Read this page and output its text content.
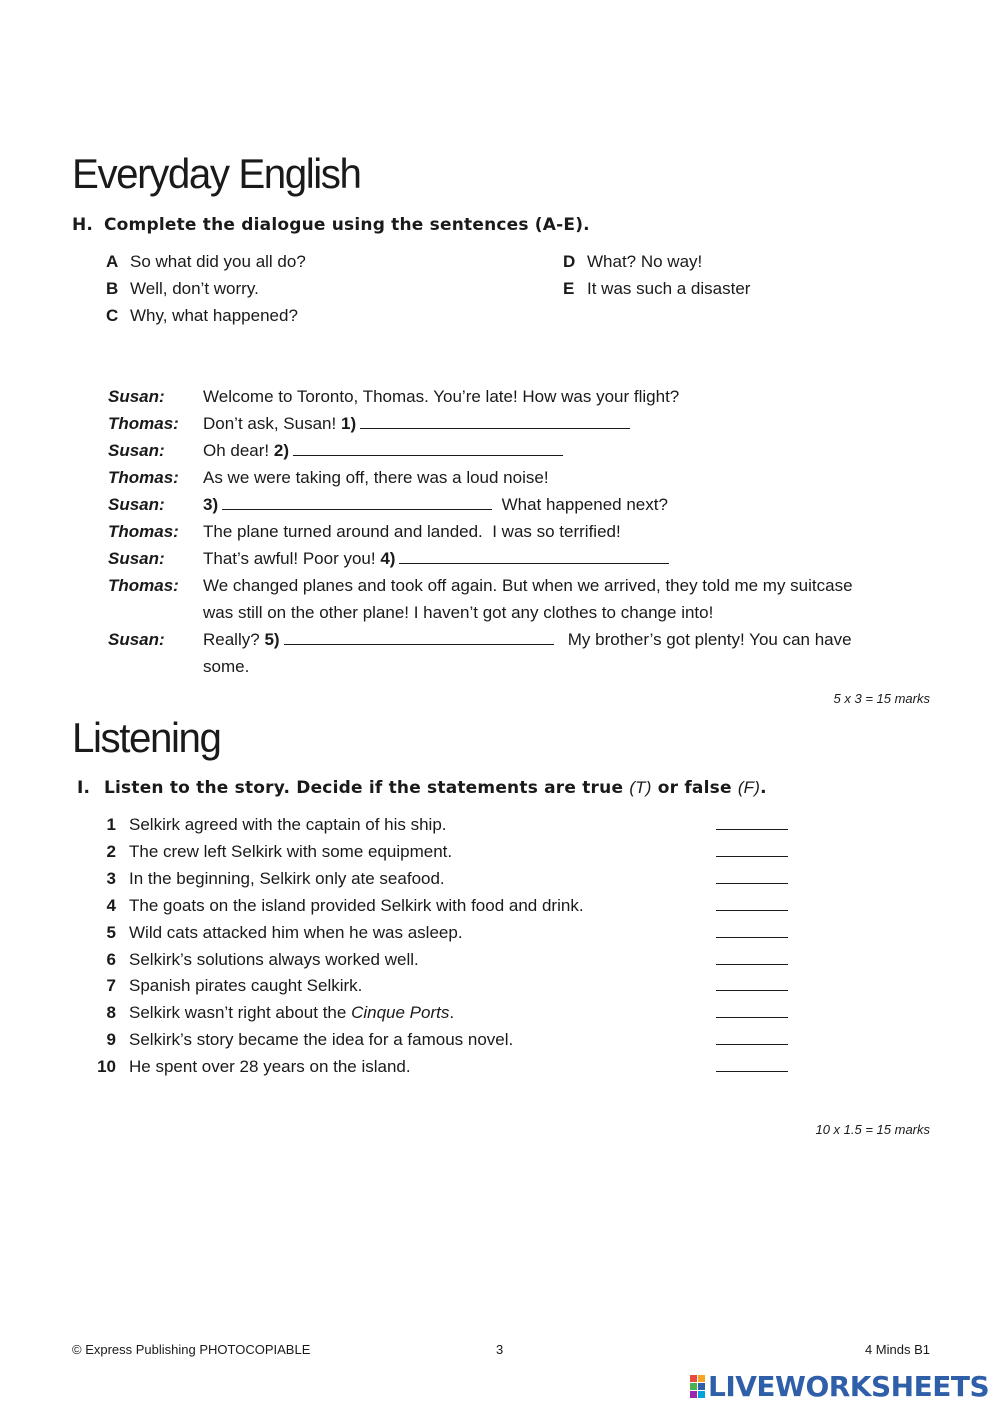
Everyday English
H. Complete the dialogue using the sentences (A-E).
A So what did you all do?
B Well, don’t worry.
C Why, what happened?
D What? No way!
E It was such a disaster
Susan: Welcome to Toronto, Thomas. You’re late! How was your flight?
Thomas: Don’t ask, Susan! 1)
Susan: Oh dear! 2)
Thomas: As we were taking off, there was a loud noise!
Susan: 3)	What happened next?
Thomas: The plane turned around and landed.  I was so terrified!
Susan: That’s awful! Poor you! 4)
Thomas: We changed planes and took off again. But when we arrived, they told me my suitcase
was still on the other plane! I haven’t got any clothes to change into!
Susan: Really? 5)	My brother’s got plenty! You can have
some.
5 x 3 = 15 marks
Listening
I. Listen to the story. Decide if the statements are true (T) or false (F).
1 Selkirk agreed with the captain of his ship.
2 The crew left Selkirk with some equipment.
3 In the beginning, Selkirk only ate seafood.
4 The goats on the island provided Selkirk with food and drink.
5 Wild cats attacked him when he was asleep.
6 Selkirk’s solutions always worked well.
7 Spanish pirates caught Selkirk.
8 Selkirk wasn’t right about the Cinque Ports.
9 Selkirk’s story became the idea for a famous novel.
10 He spent over 28 years on the island.
10 x 1.5 = 15 marks
© Express Publishing PHOTOCOPIABLE	3	4 Minds B1
LIVEWORKSHEETS
